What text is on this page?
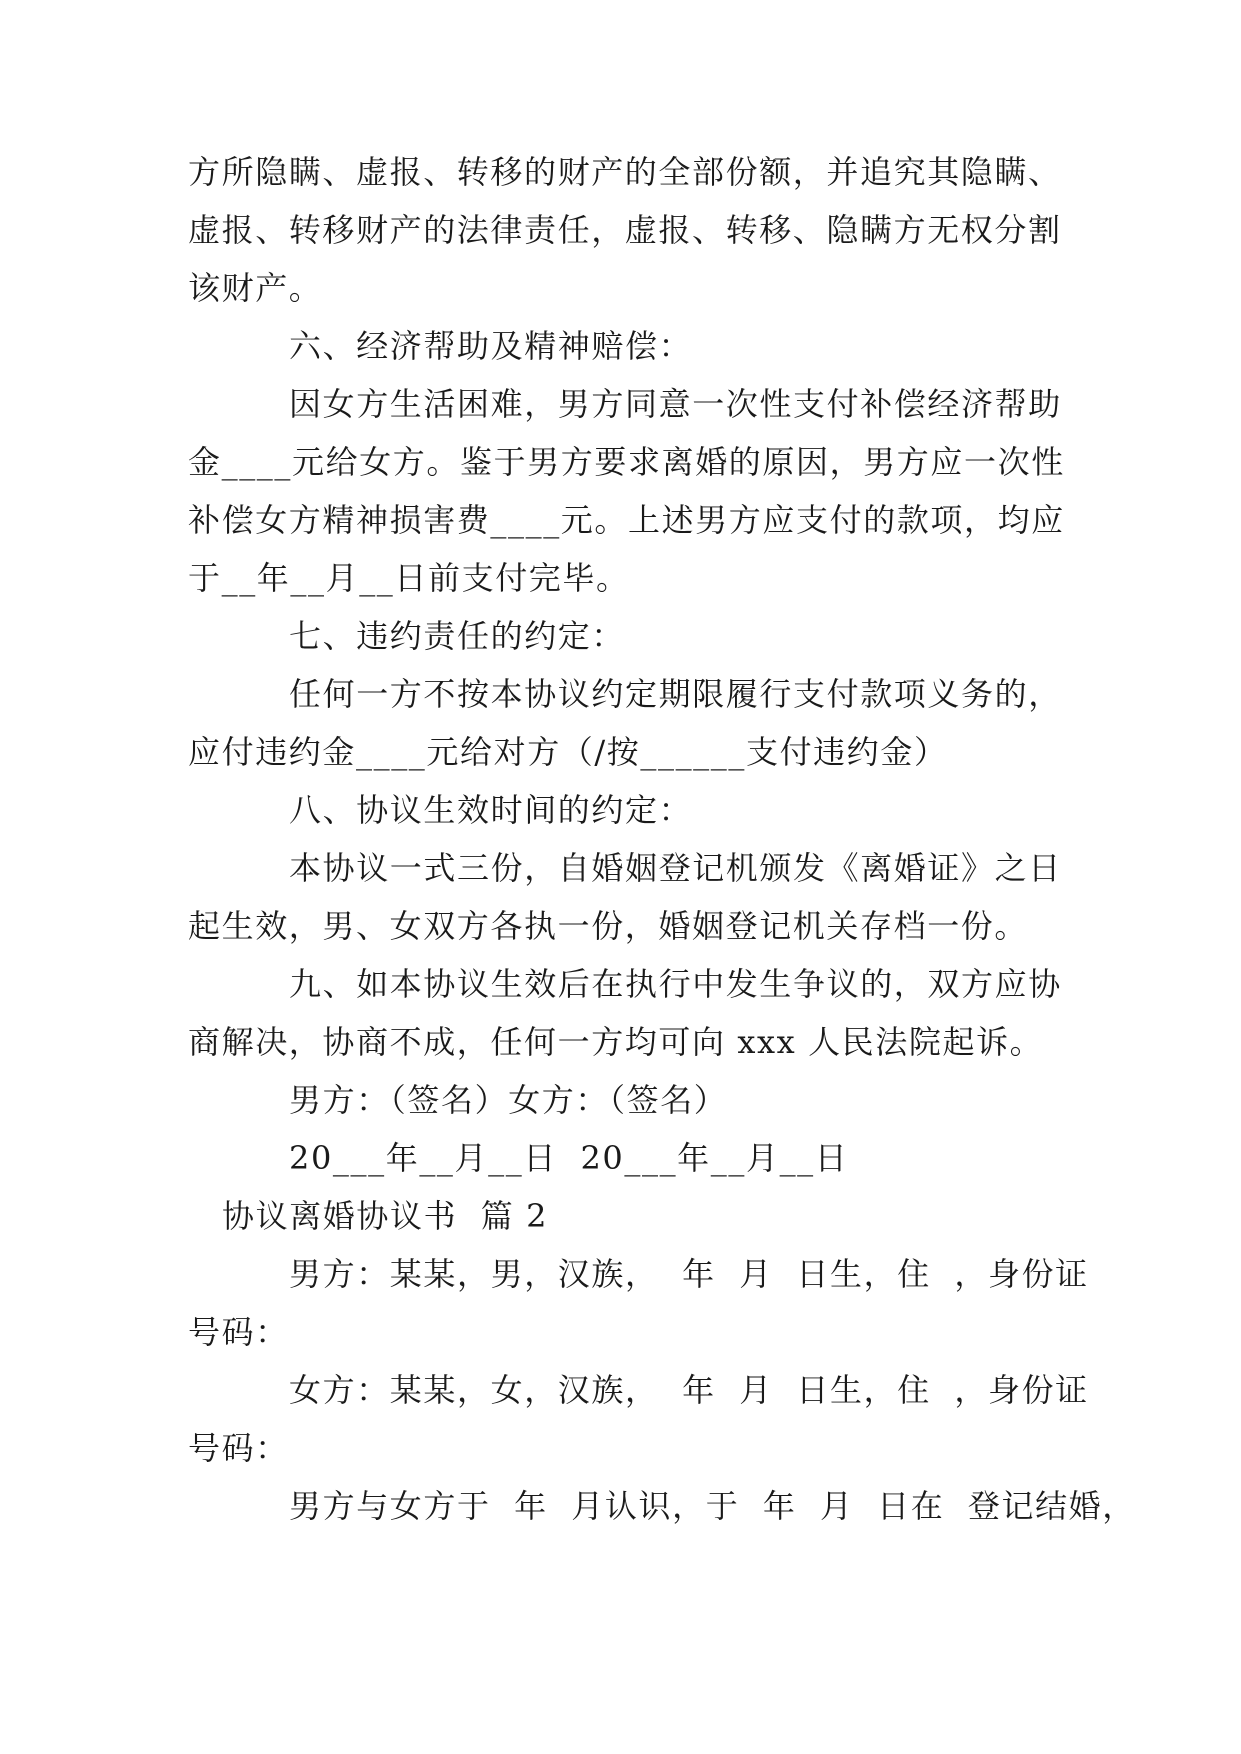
方所隐瞒、虚报、转移的财产的全部份额，并追究其隐瞒、
虚报、转移财产的法律责任，虚报、转移、隐瞒方无权分割
该财产。
六、经济帮助及精神赔偿：
因女方生活困难，男方同意一次性支付补偿经济帮助
金____元给女方。鉴于男方要求离婚的原因，男方应一次性
补偿女方精神损害费____元。上述男方应支付的款项，均应
于__年__月__日前支付完毕。
七、违约责任的约定：
任何一方不按本协议约定期限履行支付款项义务的，
应付违约金____元给对方（/按______支付违约金）
八、协议生效时间的约定：
本协议一式三份，自婚姻登记机颁发《离婚证》之日
起生效，男、女双方各执一份，婚姻登记机关存档一份。
九、如本协议生效后在执行中发生争议的，双方应协
商解决，协商不成，任何一方均可向 xxx 人民法院起诉。
男方：（签名）女方：（签名）
20___年__月__日  20___年__月__日
协议离婚协议书  篇 2
男方：某某，男，汉族，  年  月  日生，住  ，身份证
号码：
女方：某某，女，汉族，  年  月  日生，住  ，身份证
号码：
男方与女方于  年  月认识，于  年  月  日在  登记结婚，
